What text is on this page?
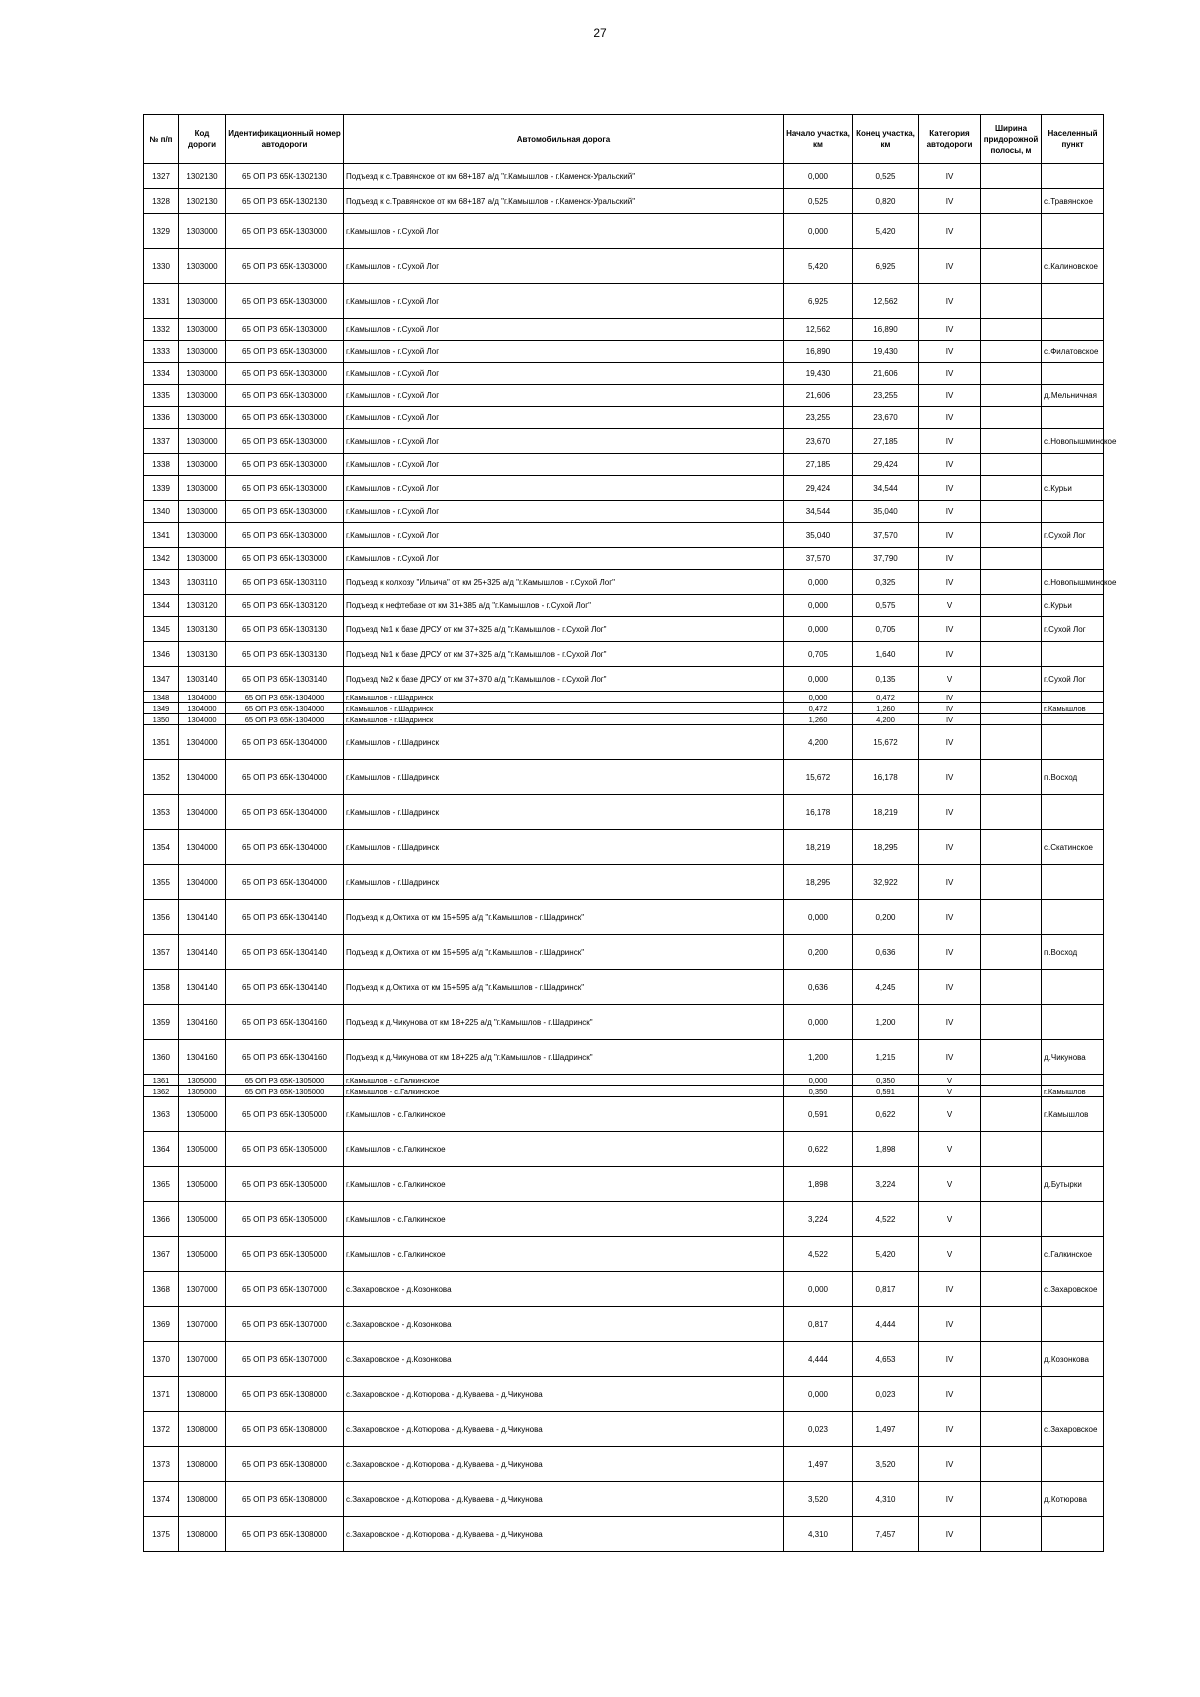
27
№ п/п	Код дороги	Идентификационный номер автодороги	Автомобильная дорога	Начало участка, км	Конец участка, км	Категория автодороги	Ширина придорожной полосы, м	Населенный пункт
1327	1302130	65 ОП РЗ 65К-1302130	Подъезд к с.Травянское от км 68+187 а/д "г.Камышлов - г.Каменск-Уральский"	0,000	0,525	IV		
1328	1302130	65 ОП РЗ 65К-1302130	Подъезд к с.Травянское от км 68+187 а/д "г.Камышлов - г.Каменск-Уральский"	0,525	0,820	IV		с.Травянское
1329	1303000	65 ОП РЗ 65К-1303000	г.Камышлов - г.Сухой Лог	0,000	5,420	IV		
1330	1303000	65 ОП РЗ 65К-1303000	г.Камышлов - г.Сухой Лог	5,420	6,925	IV		с.Калиновское
1331	1303000	65 ОП РЗ 65К-1303000	г.Камышлов - г.Сухой Лог	6,925	12,562	IV		
1332	1303000	65 ОП РЗ 65К-1303000	г.Камышлов - г.Сухой Лог	12,562	16,890	IV		
1333	1303000	65 ОП РЗ 65К-1303000	г.Камышлов - г.Сухой Лог	16,890	19,430	IV		с.Филатовское
1334	1303000	65 ОП РЗ 65К-1303000	г.Камышлов - г.Сухой Лог	19,430	21,606	IV		
1335	1303000	65 ОП РЗ 65К-1303000	г.Камышлов - г.Сухой Лог	21,606	23,255	IV		д.Мельничная
1336	1303000	65 ОП РЗ 65К-1303000	г.Камышлов - г.Сухой Лог	23,255	23,670	IV		
1337	1303000	65 ОП РЗ 65К-1303000	г.Камышлов - г.Сухой Лог	23,670	27,185	IV		с.Новопышминское
1338	1303000	65 ОП РЗ 65К-1303000	г.Камышлов - г.Сухой Лог	27,185	29,424	IV		
1339	1303000	65 ОП РЗ 65К-1303000	г.Камышлов - г.Сухой Лог	29,424	34,544	IV		с.Курьи
1340	1303000	65 ОП РЗ 65К-1303000	г.Камышлов - г.Сухой Лог	34,544	35,040	IV		
1341	1303000	65 ОП РЗ 65К-1303000	г.Камышлов - г.Сухой Лог	35,040	37,570	IV		г.Сухой Лог
1342	1303000	65 ОП РЗ 65К-1303000	г.Камышлов - г.Сухой Лог	37,570	37,790	IV		
1343	1303110	65 ОП РЗ 65К-1303110	Подъезд к колхозу "Ильича" от км 25+325 а/д "г.Камышлов - г.Сухой Лог"	0,000	0,325	IV		с.Новопышминское
1344	1303120	65 ОП РЗ 65К-1303120	Подъезд к нефтебазе от км 31+385 а/д "г.Камышлов - г.Сухой Лог"	0,000	0,575	V		с.Курьи
1345	1303130	65 ОП РЗ 65К-1303130	Подъезд №1 к базе ДРСУ от км 37+325 а/д "г.Камышлов - г.Сухой Лог"	0,000	0,705	IV		г.Сухой Лог
1346	1303130	65 ОП РЗ 65К-1303130	Подъезд №1 к базе ДРСУ от км 37+325 а/д "г.Камышлов - г.Сухой Лог"	0,705	1,640	IV		
1347	1303140	65 ОП РЗ 65К-1303140	Подъезд №2 к базе ДРСУ от км 37+370 а/д "г.Камышлов - г.Сухой Лог"	0,000	0,135	V		г.Сухой Лог
1348	1304000	65 ОП РЗ 65К-1304000	г.Камышлов - г.Шадринск	0,000	0,472	IV		
1349	1304000	65 ОП РЗ 65К-1304000	г.Камышлов - г.Шадринск	0,472	1,260	IV		г.Камышлов
1350	1304000	65 ОП РЗ 65К-1304000	г.Камышлов - г.Шадринск	1,260	4,200	IV		
1351	1304000	65 ОП РЗ 65К-1304000	г.Камышлов - г.Шадринск	4,200	15,672	IV		
1352	1304000	65 ОП РЗ 65К-1304000	г.Камышлов - г.Шадринск	15,672	16,178	IV		п.Восход
1353	1304000	65 ОП РЗ 65К-1304000	г.Камышлов - г.Шадринск	16,178	18,219	IV		
1354	1304000	65 ОП РЗ 65К-1304000	г.Камышлов - г.Шадринск	18,219	18,295	IV		с.Скатинское
1355	1304000	65 ОП РЗ 65К-1304000	г.Камышлов - г.Шадринск	18,295	32,922	IV		
1356	1304140	65 ОП РЗ 65К-1304140	Подъезд к д.Октиха от км 15+595 а/д "г.Камышлов - г.Шадринск"	0,000	0,200	IV		
1357	1304140	65 ОП РЗ 65К-1304140	Подъезд к д.Октиха от км 15+595 а/д "г.Камышлов - г.Шадринск"	0,200	0,636	IV		п.Восход
1358	1304140	65 ОП РЗ 65К-1304140	Подъезд к д.Октиха от км 15+595 а/д "г.Камышлов - г.Шадринск"	0,636	4,245	IV		
1359	1304160	65 ОП РЗ 65К-1304160	Подъезд к д.Чикунова от км 18+225 а/д "г.Камышлов - г.Шадринск"	0,000	1,200	IV		
1360	1304160	65 ОП РЗ 65К-1304160	Подъезд к д.Чикунова от км 18+225 а/д "г.Камышлов - г.Шадринск"	1,200	1,215	IV		д.Чикунова
1361	1305000	65 ОП РЗ 65К-1305000	г.Камышлов - с.Галкинское	0,000	0,350	V		
1362	1305000	65 ОП РЗ 65К-1305000	г.Камышлов - с.Галкинское	0,350	0,591	V		г.Камышлов
1363	1305000	65 ОП РЗ 65К-1305000	г.Камышлов - с.Галкинское	0,591	0,622	V		г.Камышлов
1364	1305000	65 ОП РЗ 65К-1305000	г.Камышлов - с.Галкинское	0,622	1,898	V		
1365	1305000	65 ОП РЗ 65К-1305000	г.Камышлов - с.Галкинское	1,898	3,224	V		д.Бутырки
1366	1305000	65 ОП РЗ 65К-1305000	г.Камышлов - с.Галкинское	3,224	4,522	V		
1367	1305000	65 ОП РЗ 65К-1305000	г.Камышлов - с.Галкинское	4,522	5,420	V		с.Галкинское
1368	1307000	65 ОП РЗ 65К-1307000	с.Захаровское - д.Козонкова	0,000	0,817	IV		с.Захаровское
1369	1307000	65 ОП РЗ 65К-1307000	с.Захаровское - д.Козонкова	0,817	4,444	IV		
1370	1307000	65 ОП РЗ 65К-1307000	с.Захаровское - д.Козонкова	4,444	4,653	IV		д.Козонкова
1371	1308000	65 ОП РЗ 65К-1308000	с.Захаровское - д.Котюрова - д.Куваева - д.Чикунова	0,000	0,023	IV		
1372	1308000	65 ОП РЗ 65К-1308000	с.Захаровское - д.Котюрова - д.Куваева - д.Чикунова	0,023	1,497	IV		с.Захаровское
1373	1308000	65 ОП РЗ 65К-1308000	с.Захаровское - д.Котюрова - д.Куваева - д.Чикунова	1,497	3,520	IV		
1374	1308000	65 ОП РЗ 65К-1308000	с.Захаровское - д.Котюрова - д.Куваева - д.Чикунова	3,520	4,310	IV		д.Котюрова
1375	1308000	65 ОП РЗ 65К-1308000	с.Захаровское - д.Котюрова - д.Куваева - д.Чикунова	4,310	7,457	IV		
